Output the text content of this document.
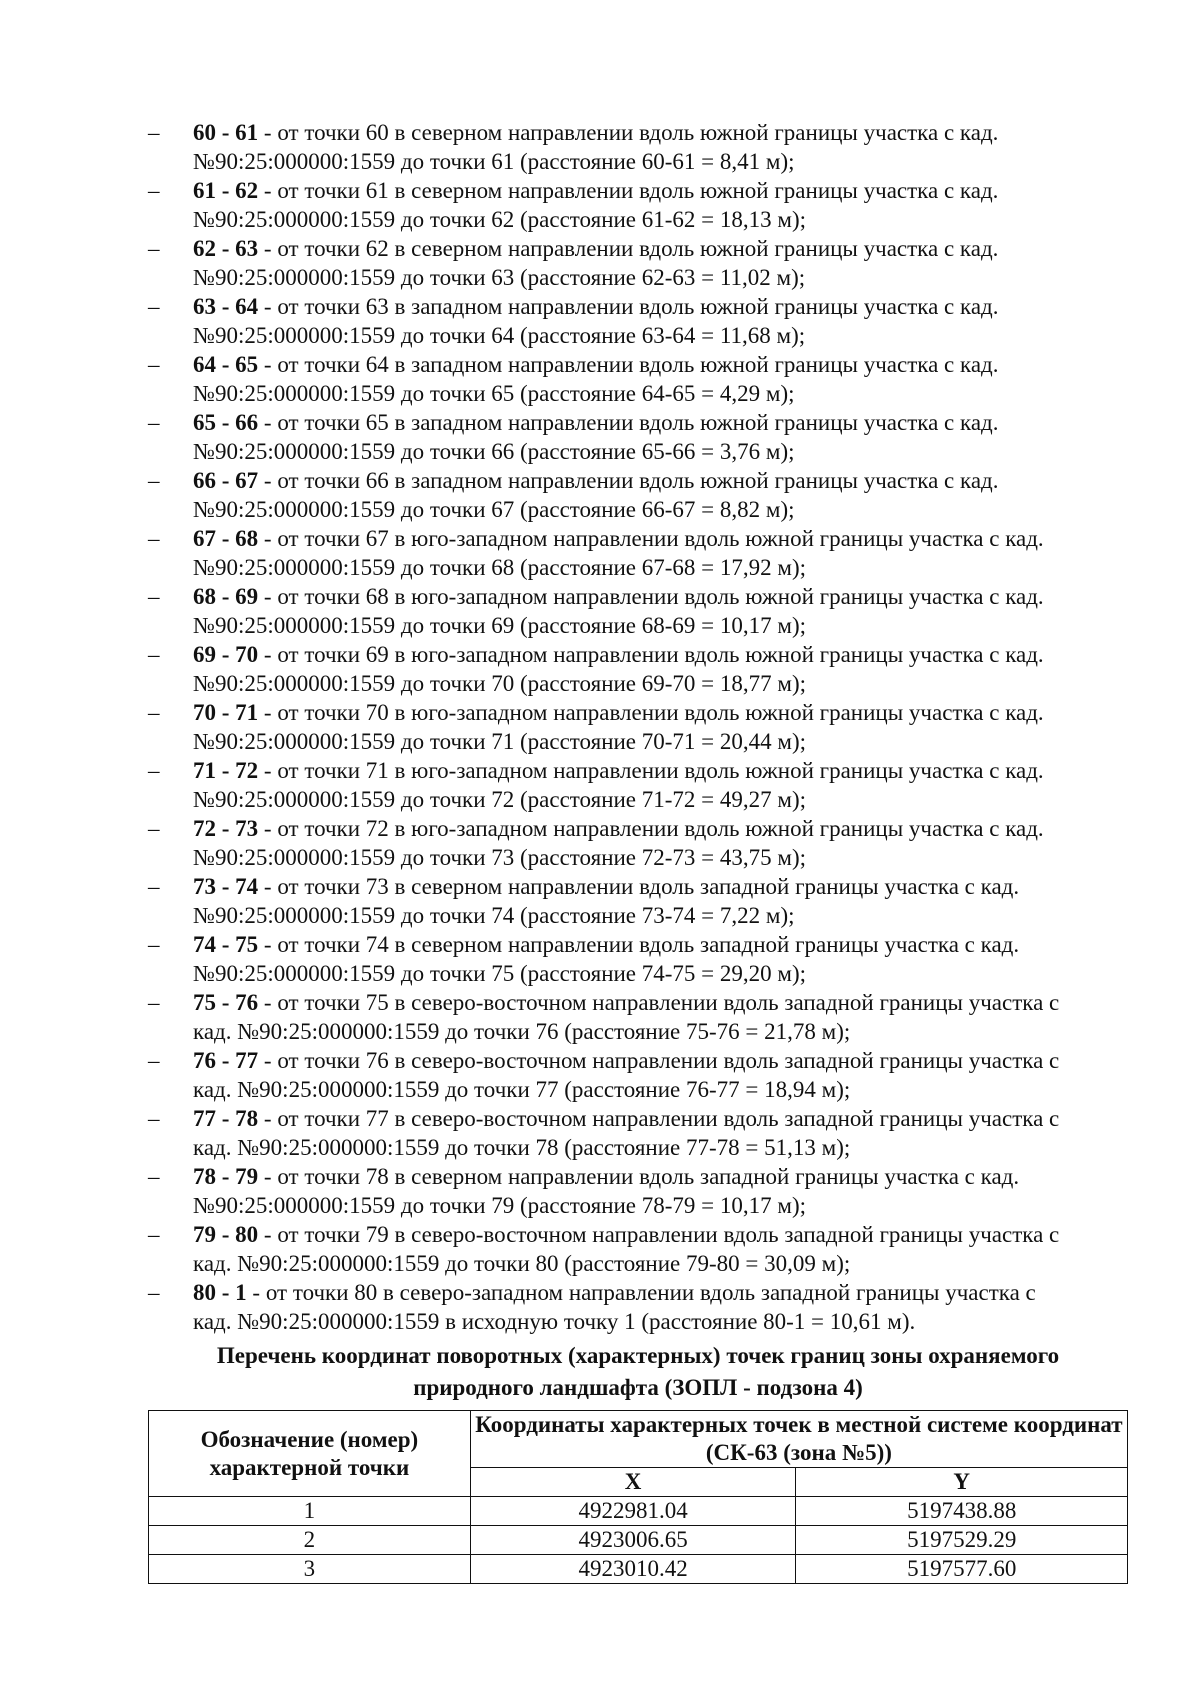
– 60 - 61 - от точки 60 в северном направлении вдоль южной границы участка с кад.
№90:25:000000:1559 до точки 61 (расстояние 60-61 = 8,41 м);
– 61 - 62 - от точки 61 в северном направлении вдоль южной границы участка с кад.
№90:25:000000:1559 до точки 62 (расстояние 61-62 = 18,13 м);
– 62 - 63 - от точки 62 в северном направлении вдоль южной границы участка с кад.
№90:25:000000:1559 до точки 63 (расстояние 62-63 = 11,02 м);
– 63 - 64 - от точки 63 в западном направлении вдоль южной границы участка с кад.
№90:25:000000:1559 до точки 64 (расстояние 63-64 = 11,68 м);
– 64 - 65 - от точки 64 в западном направлении вдоль южной границы участка с кад.
№90:25:000000:1559 до точки 65 (расстояние 64-65 = 4,29 м);
– 65 - 66 - от точки 65 в западном направлении вдоль южной границы участка с кад.
№90:25:000000:1559 до точки 66 (расстояние 65-66 = 3,76 м);
– 66 - 67 - от точки 66 в западном направлении вдоль южной границы участка с кад.
№90:25:000000:1559 до точки 67 (расстояние 66-67 = 8,82 м);
– 67 - 68 - от точки 67 в юго-западном направлении вдоль южной границы участка с кад.
№90:25:000000:1559 до точки 68 (расстояние 67-68 = 17,92 м);
– 68 - 69 - от точки 68 в юго-западном направлении вдоль южной границы участка с кад.
№90:25:000000:1559 до точки 69 (расстояние 68-69 = 10,17 м);
– 69 - 70 - от точки 69 в юго-западном направлении вдоль южной границы участка с кад.
№90:25:000000:1559 до точки 70 (расстояние 69-70 = 18,77 м);
– 70 - 71 - от точки 70 в юго-западном направлении вдоль южной границы участка с кад.
№90:25:000000:1559 до точки 71 (расстояние 70-71 = 20,44 м);
– 71 - 72 - от точки 71 в юго-западном направлении вдоль южной границы участка с кад.
№90:25:000000:1559 до точки 72 (расстояние 71-72 = 49,27 м);
– 72 - 73 - от точки 72 в юго-западном направлении вдоль южной границы участка с кад.
№90:25:000000:1559 до точки 73 (расстояние 72-73 = 43,75 м);
– 73 - 74 - от точки 73 в северном направлении вдоль западной границы участка с кад.
№90:25:000000:1559 до точки 74 (расстояние 73-74 = 7,22 м);
– 74 - 75 - от точки 74 в северном направлении вдоль западной границы участка с кад.
№90:25:000000:1559 до точки 75 (расстояние 74-75 = 29,20 м);
– 75 - 76 - от точки 75 в северо-восточном направлении вдоль западной границы участка с
кад. №90:25:000000:1559 до точки 76 (расстояние 75-76 = 21,78 м);
– 76 - 77 - от точки 76 в северо-восточном направлении вдоль западной границы участка с
кад. №90:25:000000:1559 до точки 77 (расстояние 76-77 = 18,94 м);
– 77 - 78 - от точки 77 в северо-восточном направлении вдоль западной границы участка с
кад. №90:25:000000:1559 до точки 78 (расстояние 77-78 = 51,13 м);
– 78 - 79 - от точки 78 в северном направлении вдоль западной границы участка с кад.
№90:25:000000:1559 до точки 79 (расстояние 78-79 = 10,17 м);
– 79 - 80 - от точки 79 в северо-восточном направлении вдоль западной границы участка с
кад. №90:25:000000:1559 до точки 80 (расстояние 79-80 = 30,09 м);
– 80 - 1 - от точки 80 в северо-западном направлении вдоль западной границы участка с
кад. №90:25:000000:1559 в исходную точку 1 (расстояние 80-1 = 10,61 м).
Перечень координат поворотных (характерных) точек границ зоны охраняемого
природного ландшафта (ЗОПЛ - подзона 4)
Обозначение (номер) характерной точки	Координаты характерных точек в местной системе координат (СК-63 (зона №5))	
	X	Y
1	4922981.04	5197438.88
2	4923006.65	5197529.29
3	4923010.42	5197577.60
